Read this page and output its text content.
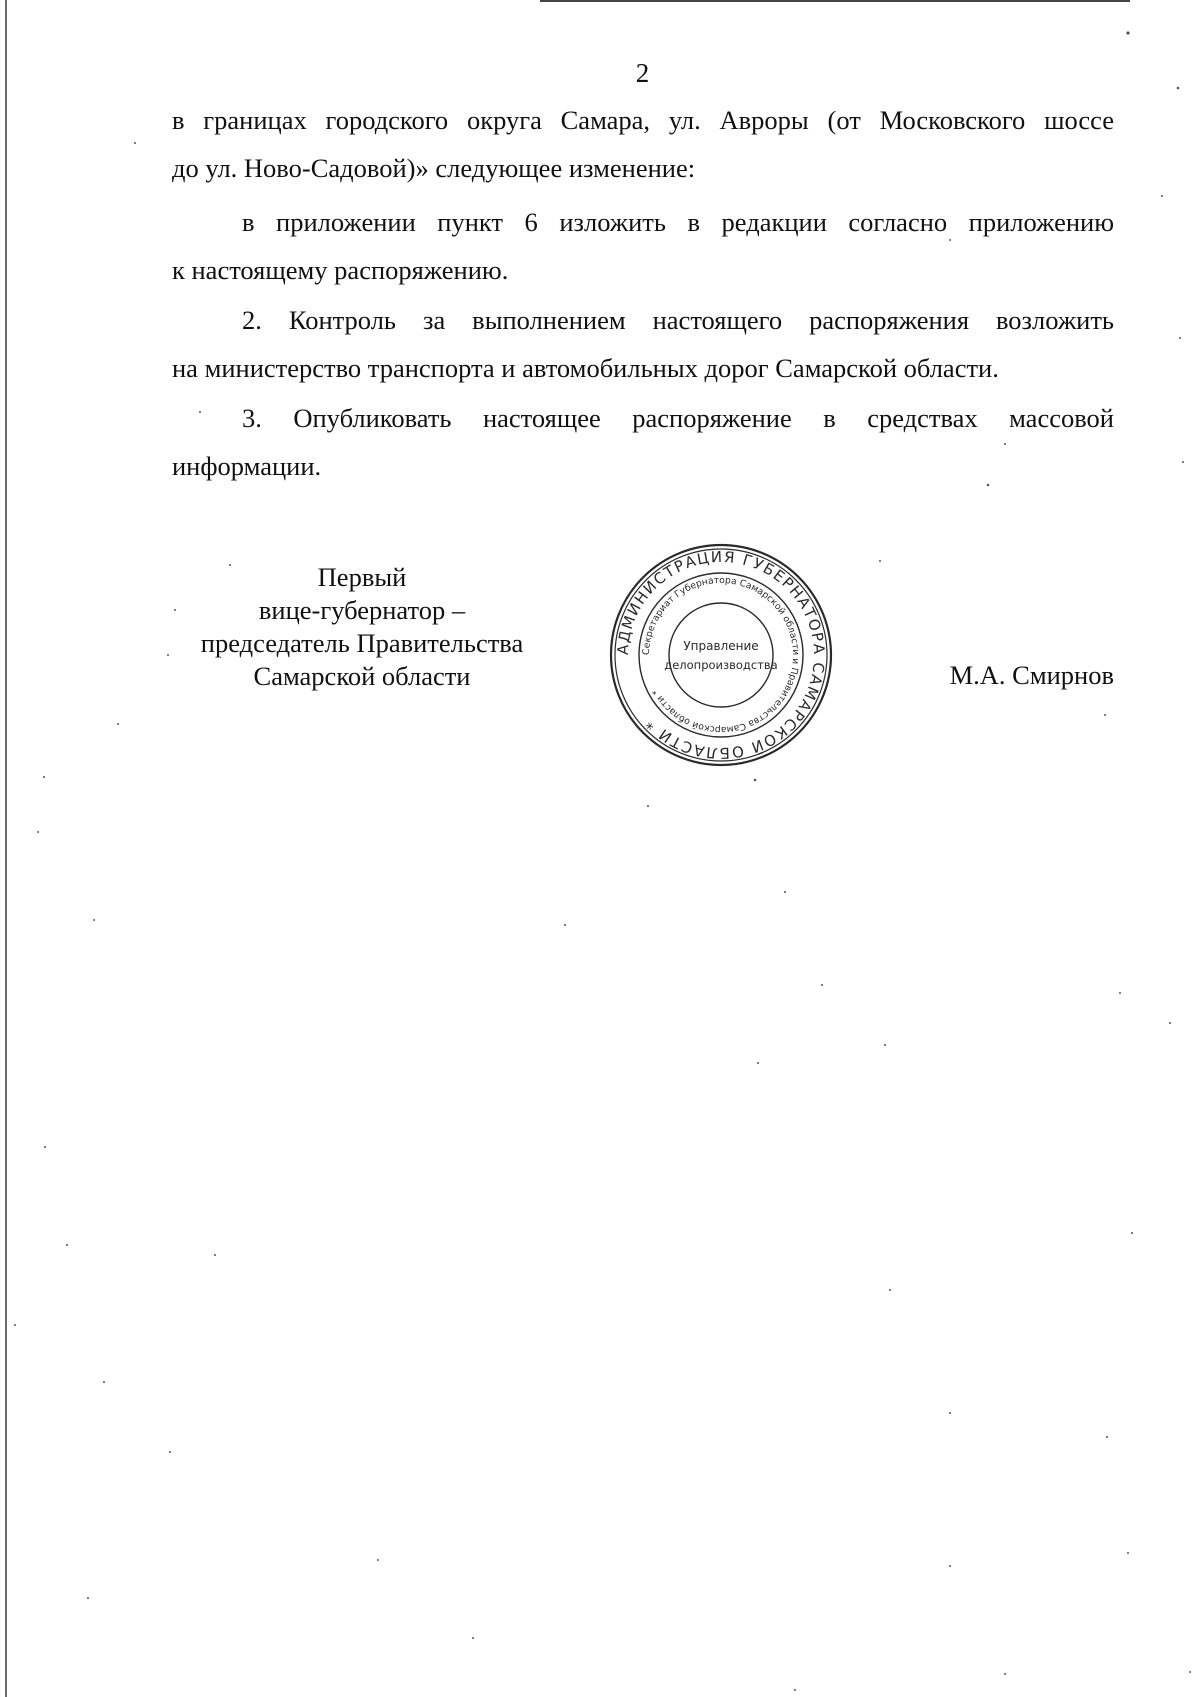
2
в границах городского округа Самара, ул. Авроры (от Московского шоссе
до ул. Ново-Садовой)» следующее изменение:
в приложении пункт 6 изложить в редакции согласно приложению
к настоящему распоряжению.
2. Контроль за выполнением настоящего распоряжения возложить
на министерство транспорта и автомобильных дорог Самарской области.
3. Опубликовать настоящее распоряжение в средствах массовой
информации.
Первый
вице-губернатор –
председатель Правительства
Самарской области
АДМИНИСТРАЦИЯ ГУБЕРНАТОРА САМАРСКОЙ ОБЛАСТИ *
Секретариат Губернатора Самарской области и Правительства Самарской области *
Управление
делопроизводства	М.А. Смирнов
